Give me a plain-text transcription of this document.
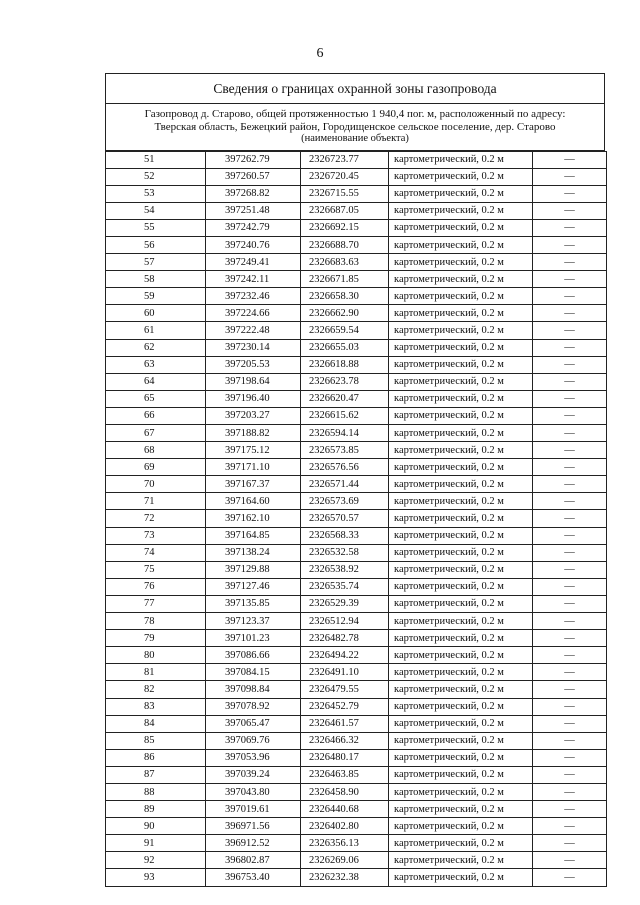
6
Сведения о границах охранной зоны газопровода
Газопровод д. Старово, общей протяженностью 1 940,4 пог. м, расположенный по адресу:
Тверская область, Бежецкий район, Городищенское сельское поселение, дер. Старово
(наименование объекта)
51	397262.79	2326723.77	картометрический, 0.2 м	—
52	397260.57	2326720.45	картометрический, 0.2 м	—
53	397268.82	2326715.55	картометрический, 0.2 м	—
54	397251.48	2326687.05	картометрический, 0.2 м	—
55	397242.79	2326692.15	картометрический, 0.2 м	—
56	397240.76	2326688.70	картометрический, 0.2 м	—
57	397249.41	2326683.63	картометрический, 0.2 м	—
58	397242.11	2326671.85	картометрический, 0.2 м	—
59	397232.46	2326658.30	картометрический, 0.2 м	—
60	397224.66	2326662.90	картометрический, 0.2 м	—
61	397222.48	2326659.54	картометрический, 0.2 м	—
62	397230.14	2326655.03	картометрический, 0.2 м	—
63	397205.53	2326618.88	картометрический, 0.2 м	—
64	397198.64	2326623.78	картометрический, 0.2 м	—
65	397196.40	2326620.47	картометрический, 0.2 м	—
66	397203.27	2326615.62	картометрический, 0.2 м	—
67	397188.82	2326594.14	картометрический, 0.2 м	—
68	397175.12	2326573.85	картометрический, 0.2 м	—
69	397171.10	2326576.56	картометрический, 0.2 м	—
70	397167.37	2326571.44	картометрический, 0.2 м	—
71	397164.60	2326573.69	картометрический, 0.2 м	—
72	397162.10	2326570.57	картометрический, 0.2 м	—
73	397164.85	2326568.33	картометрический, 0.2 м	—
74	397138.24	2326532.58	картометрический, 0.2 м	—
75	397129.88	2326538.92	картометрический, 0.2 м	—
76	397127.46	2326535.74	картометрический, 0.2 м	—
77	397135.85	2326529.39	картометрический, 0.2 м	—
78	397123.37	2326512.94	картометрический, 0.2 м	—
79	397101.23	2326482.78	картометрический, 0.2 м	—
80	397086.66	2326494.22	картометрический, 0.2 м	—
81	397084.15	2326491.10	картометрический, 0.2 м	—
82	397098.84	2326479.55	картометрический, 0.2 м	—
83	397078.92	2326452.79	картометрический, 0.2 м	—
84	397065.47	2326461.57	картометрический, 0.2 м	—
85	397069.76	2326466.32	картометрический, 0.2 м	—
86	397053.96	2326480.17	картометрический, 0.2 м	—
87	397039.24	2326463.85	картометрический, 0.2 м	—
88	397043.80	2326458.90	картометрический, 0.2 м	—
89	397019.61	2326440.68	картометрический, 0.2 м	—
90	396971.56	2326402.80	картометрический, 0.2 м	—
91	396912.52	2326356.13	картометрический, 0.2 м	—
92	396802.87	2326269.06	картометрический, 0.2 м	—
93	396753.40	2326232.38	картометрический, 0.2 м	—
